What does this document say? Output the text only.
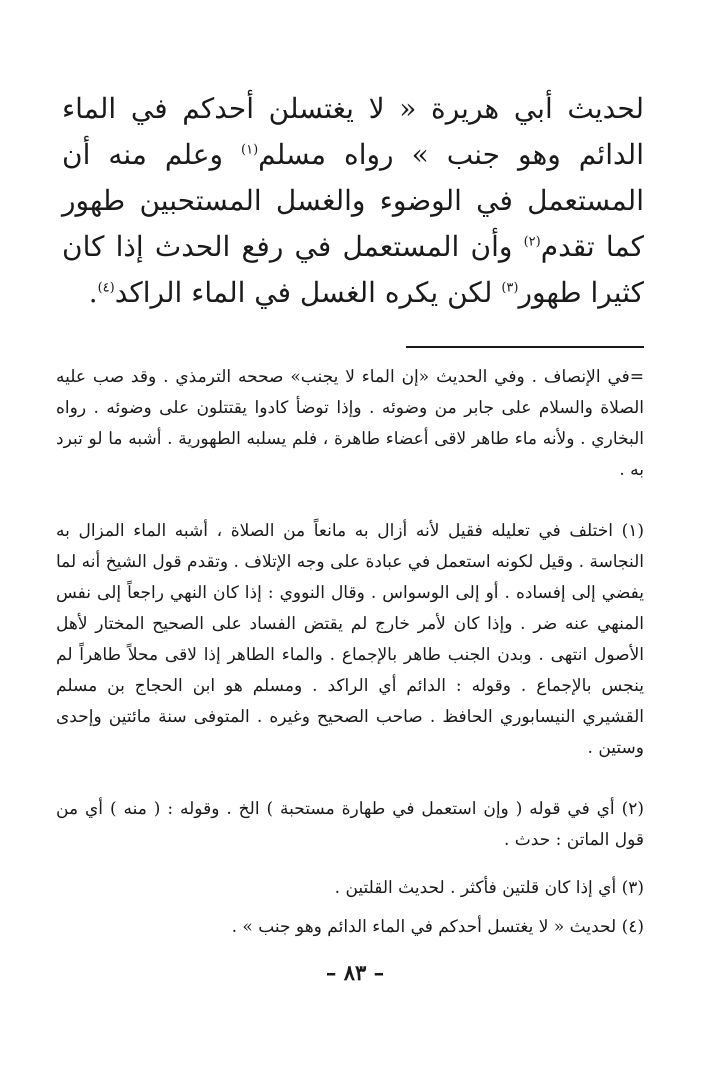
لحديث أبي هريرة « لا يغتسلن أحدكم في الماء الدائم وهو جنب » رواه مسلم$^{(١)}$ وعلم منه أن المستعمل في الوضوء والغسل المستحبين طهور كما تقدم$^{(٢)}$ وأن المستعمل في رفع الحدث إذا كان كثيرا طهور$^{(٣)}$ لكن يكره الغسل في الماء الراكد$^{(٤)}$.

=في الإنصاف . وفي الحديث «إن الماء لا يجنب» صححه الترمذي . وقد صب عليه الصلاة والسلام على جابر من وضوئه . وإذا توضأ كادوا يقتتلون على وضوئه . رواه البخاري . ولأنه ماء طاهر لاقى أعضاء طاهرة ، فلم يسلبه الطهورية . أشبه ما لو تبرد به .

(١) اختلف في تعليله فقيل لأنه أزال به مانعاً من الصلاة ، أشبه الماء المزال به النجاسة . وقيل لكونه استعمل في عبادة على وجه الإتلاف . وتقدم قول الشيخ أنه لما يفضي إلى إفساده . أو إلى الوسواس . وقال النووي : إذا كان النهي راجعاً إلى نفس المنهي عنه ضر . وإذا كان لأمر خارج لم يقتض الفساد على الصحيح المختار لأهل الأصول انتهى . وبدن الجنب طاهر بالإجماع . والماء الطاهر إذا لاقى محلاً طاهراً لم ينجس بالإجماع . وقوله : الدائم أي الراكد . ومسلم هو ابن الحجاج بن مسلم القشيري النيسابوري الحافظ . صاحب الصحيح وغيره . المتوفى سنة مائتين وإحدى وستين .

(٢) أي في قوله ( وإن استعمل في طهارة مستحبة ) الخ . وقوله : ( منه ) أي من قول الماتن : حدث .

(٣) أي إذا كان قلتين فأكثر . لحديث القلتين .

(٤) لحديث « لا يغتسل أحدكم في الماء الدائم وهو جنب » .

– ٨٣ –
